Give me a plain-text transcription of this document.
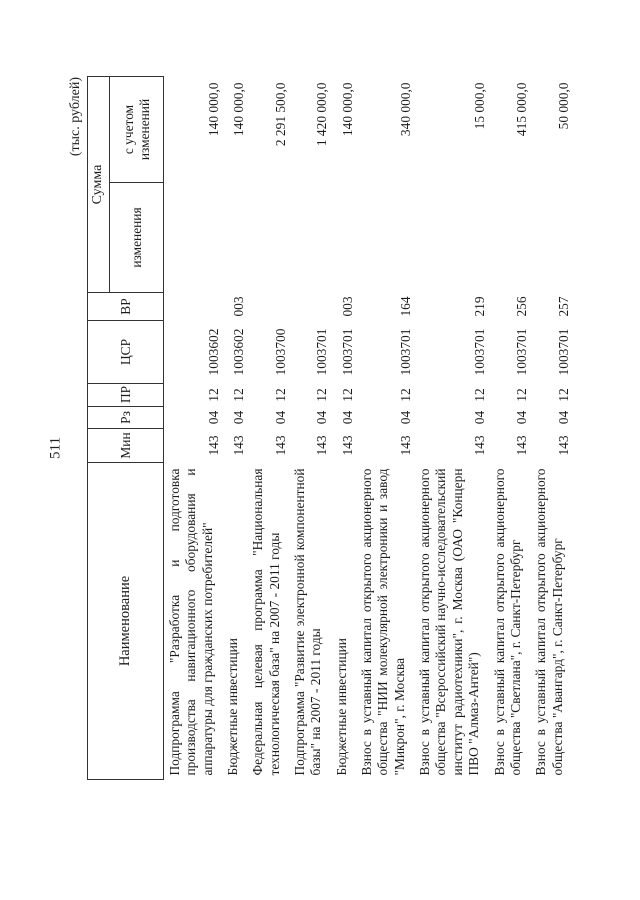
511
(тыс. рублей)
Наименование	Мин	Рз	ПР	ЦСР	ВР	Сумма	
						изменения	с учетом изменений
Подпрограмма "Разработка и подготовка производства навигационного оборудования и аппаратуры для гражданских потребителей"	143	04	12	1003602			140 000,0
Бюджетные инвестиции	143	04	12	1003602	003		140 000,0
Федеральная целевая программа "Национальная технологическая база" на 2007 - 2011 годы	143	04	12	1003700			2 291 500,0
Подпрограмма "Развитие электронной компонентной базы" на 2007 - 2011 годы	143	04	12	1003701			1 420 000,0
Бюджетные инвестиции	143	04	12	1003701	003		140 000,0
Взнос в уставный капитал открытого акционерного общества "НИИ молекулярной электроники и завод "Микрон", г. Москва	143	04	12	1003701	164		340 000,0
Взнос в уставный капитал открытого акционерного общества "Всероссийский научно-исследовательский институт радиотехники", г. Москва (ОАО "Концерн ПВО "Алмаз-Антей")	143	04	12	1003701	219		15 000,0
Взнос в уставный капитал открытого акционерного общества "Светлана", г. Санкт-Петербург	143	04	12	1003701	256		415 000,0
Взнос в уставный капитал открытого акционерного общества "Авангард", г. Санкт-Петербург	143	04	12	1003701	257		50 000,0
